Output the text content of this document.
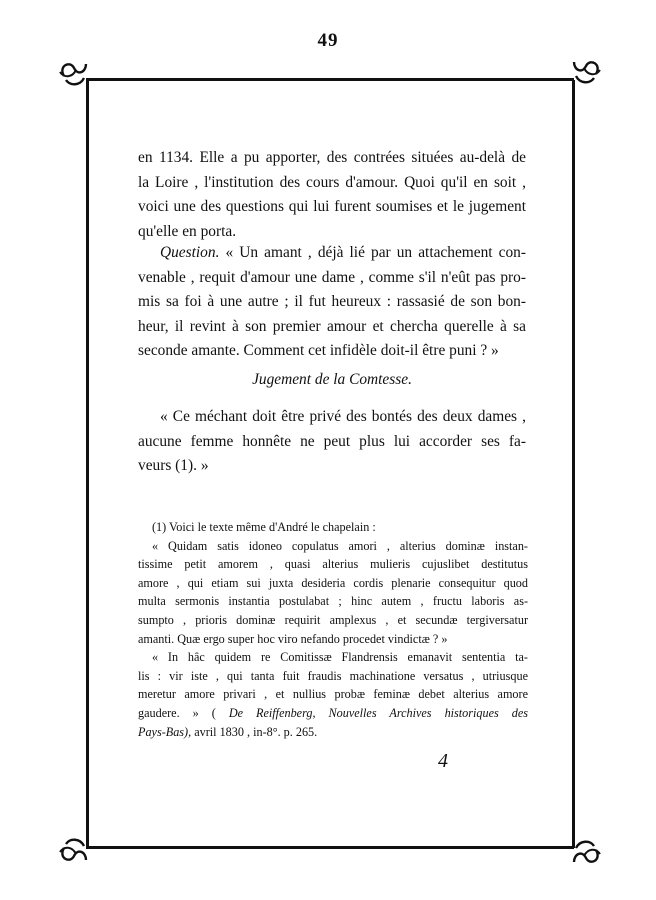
49
en 1134. Elle a pu apporter, des contrées situées au-delà de
la Loire , l'institution des cours d'amour. Quoi qu'il en soit ,
voici une des questions qui lui furent soumises et le jugement
qu'elle en porta.
Question. « Un amant , déjà lié par un attachement con-
venable , requit d'amour une dame , comme s'il n'eût pas pro-
mis sa foi à une autre ; il fut heureux : rassasié de son bon-
heur, il revint à son premier amour et chercha querelle à sa
seconde amante. Comment cet infidèle doit-il être puni ? »
Jugement de la Comtesse.
« Ce méchant doit être privé des bontés des deux dames ,
aucune femme honnête ne peut plus lui accorder ses fa-
veurs (1). »
(1) Voici le texte même d'André le chapelain :
« Quidam satis idoneo copulatus amori , alterius dominæ instan-
tissime petit amorem , quasi alterius mulieris cujuslibet destitutus
amore , qui etiam sui juxta desideria cordis plenarie consequitur quod
multa sermonis instantia postulabat ; hinc autem , fructu laboris as-
sumpto , prioris dominæ requirit amplexus , et secundæ tergiversatur
amanti. Quæ ergo super hoc viro nefando procedet vindictæ ? »
« In hâc quidem re Comitissæ Flandrensis emanavit sententia ta-
lis : vir iste , qui tanta fuit fraudis machinatione versatus , utriusque
meretur amore privari , et nullius probæ feminæ debet alterius amore
gaudere. » ( De Reiffenberg, Nouvelles Archives historiques des
Pays-Bas), avril 1830 , in-8°. p. 265.
4
